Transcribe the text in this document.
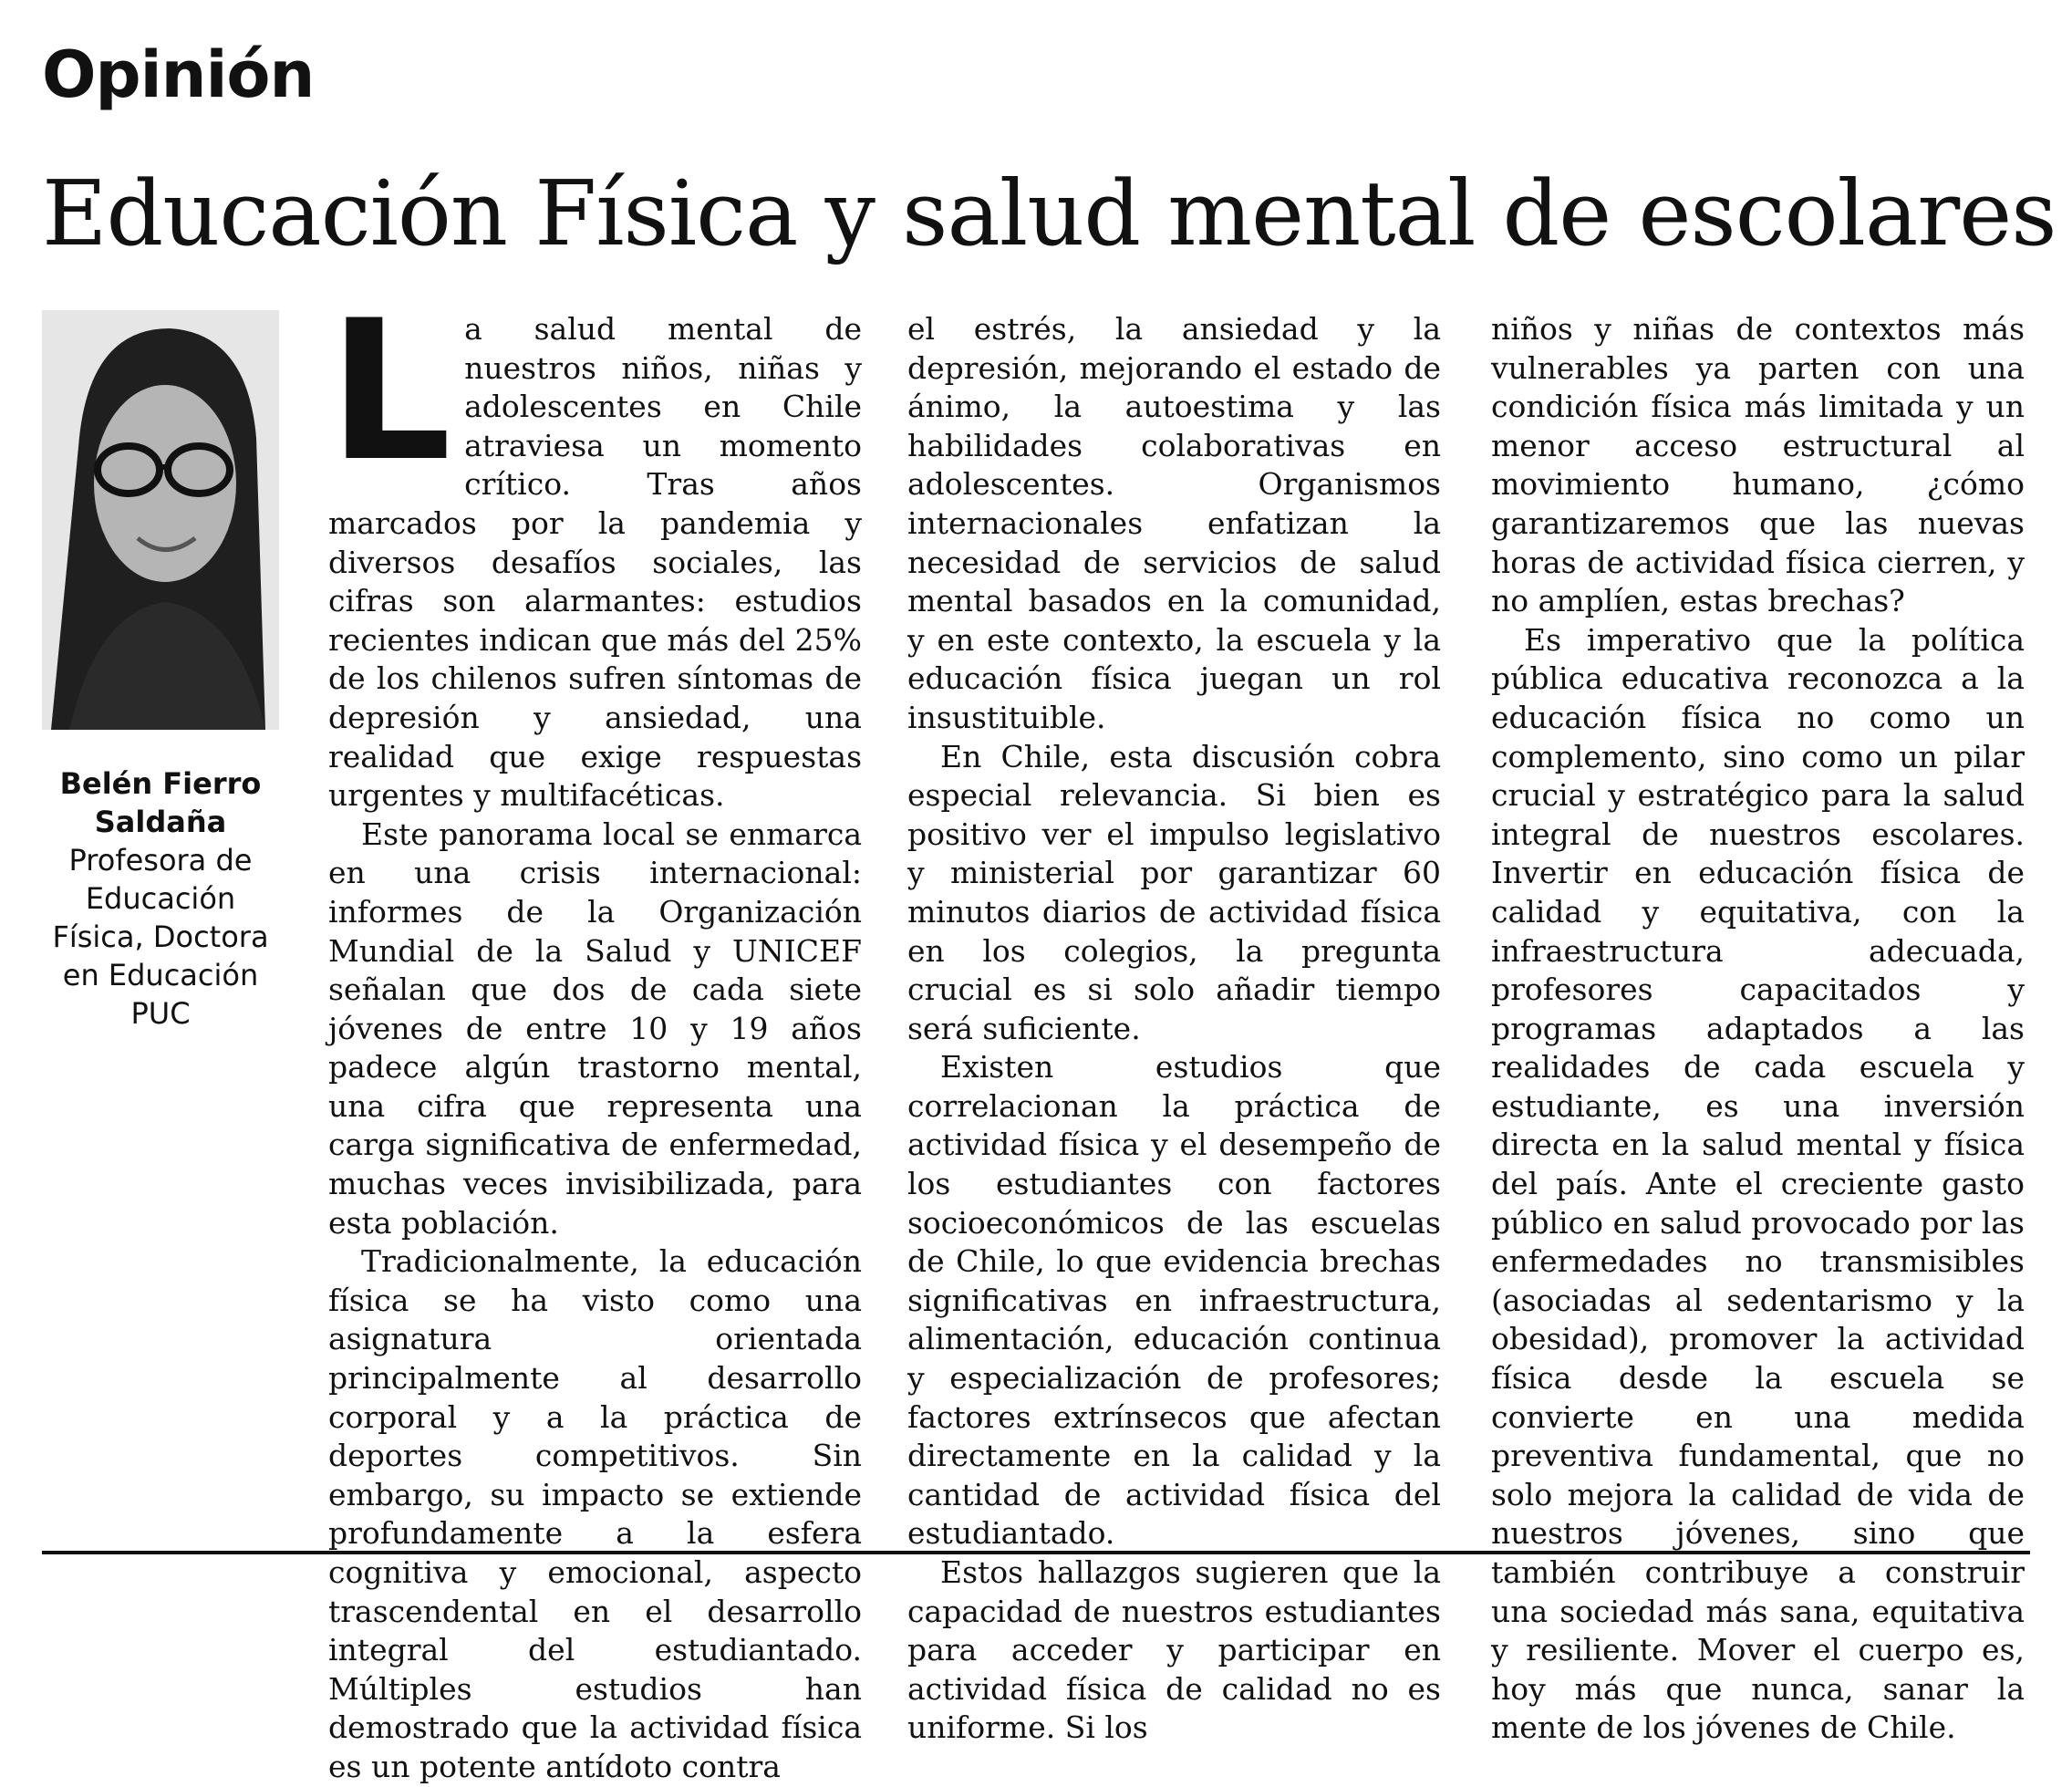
Opinión
Educación Física y salud mental de escolares
Belén Fierro
Saldaña
Profesora de Educación Física, Doctora en Educación PUC

La salud mental de nuestros niños, niñas y adolescentes en Chile atraviesa un momento crítico. Tras años marcados por la pandemia y diversos desafíos sociales, las cifras son alarmantes: estudios recientes indican que más del 25% de los chilenos sufren síntomas de depresión y ansiedad, una realidad que exige respuestas urgentes y multifacéticas.

Este panorama local se enmarca en una crisis internacional: informes de la Organización Mundial de la Salud y UNICEF señalan que dos de cada siete jóvenes de entre 10 y 19 años padece algún trastorno mental, una cifra que representa una carga significativa de enfermedad, muchas veces invisibilizada, para esta población.

Tradicionalmente, la educación física se ha visto como una asignatura orientada principalmente al desarrollo corporal y a la práctica de deportes competitivos. Sin embargo, su impacto se extiende profundamente a la esfera cognitiva y emocional, aspecto trascendental en el desarrollo integral del estudiantado. Múltiples estudios han demostrado que la actividad física es un potente antídoto contra

el estrés, la ansiedad y la depresión, mejorando el estado de ánimo, la autoestima y las habilidades colaborativas en adolescentes. Organismos internacionales enfatizan la necesidad de servicios de salud mental basados en la comunidad, y en este contexto, la escuela y la educación física juegan un rol insustituible.

En Chile, esta discusión cobra especial relevancia. Si bien es positivo ver el impulso legislativo y ministerial por garantizar 60 minutos diarios de actividad física en los colegios, la pregunta crucial es si solo añadir tiempo será suficiente.

Existen estudios que correlacionan la práctica de actividad física y el desempeño de los estudiantes con factores socioeconómicos de las escuelas de Chile, lo que evidencia brechas significativas en infraestructura, alimentación, educación continua y especialización de profesores; factores extrínsecos que afectan directamente en la calidad y la cantidad de actividad física del estudiantado.

Estos hallazgos sugieren que la capacidad de nuestros estudiantes para acceder y participar en actividad física de calidad no es uniforme. Si los

niños y niñas de contextos más vulnerables ya parten con una condición física más limitada y un menor acceso estructural al movimiento humano, ¿cómo garantizaremos que las nuevas horas de actividad física cierren, y no amplíen, estas brechas?

Es imperativo que la política pública educativa reconozca a la educación física no como un complemento, sino como un pilar crucial y estratégico para la salud integral de nuestros escolares. Invertir en educación física de calidad y equitativa, con la infraestructura adecuada, profesores capacitados y programas adaptados a las realidades de cada escuela y estudiante, es una inversión directa en la salud mental y física del país. Ante el creciente gasto público en salud provocado por las enfermedades no transmisibles (asociadas al sedentarismo y la obesidad), promover la actividad física desde la escuela se convierte en una medida preventiva fundamental, que no solo mejora la calidad de vida de nuestros jóvenes, sino que también contribuye a construir una sociedad más sana, equitativa y resiliente. Mover el cuerpo es, hoy más que nunca, sanar la mente de los jóvenes de Chile.
